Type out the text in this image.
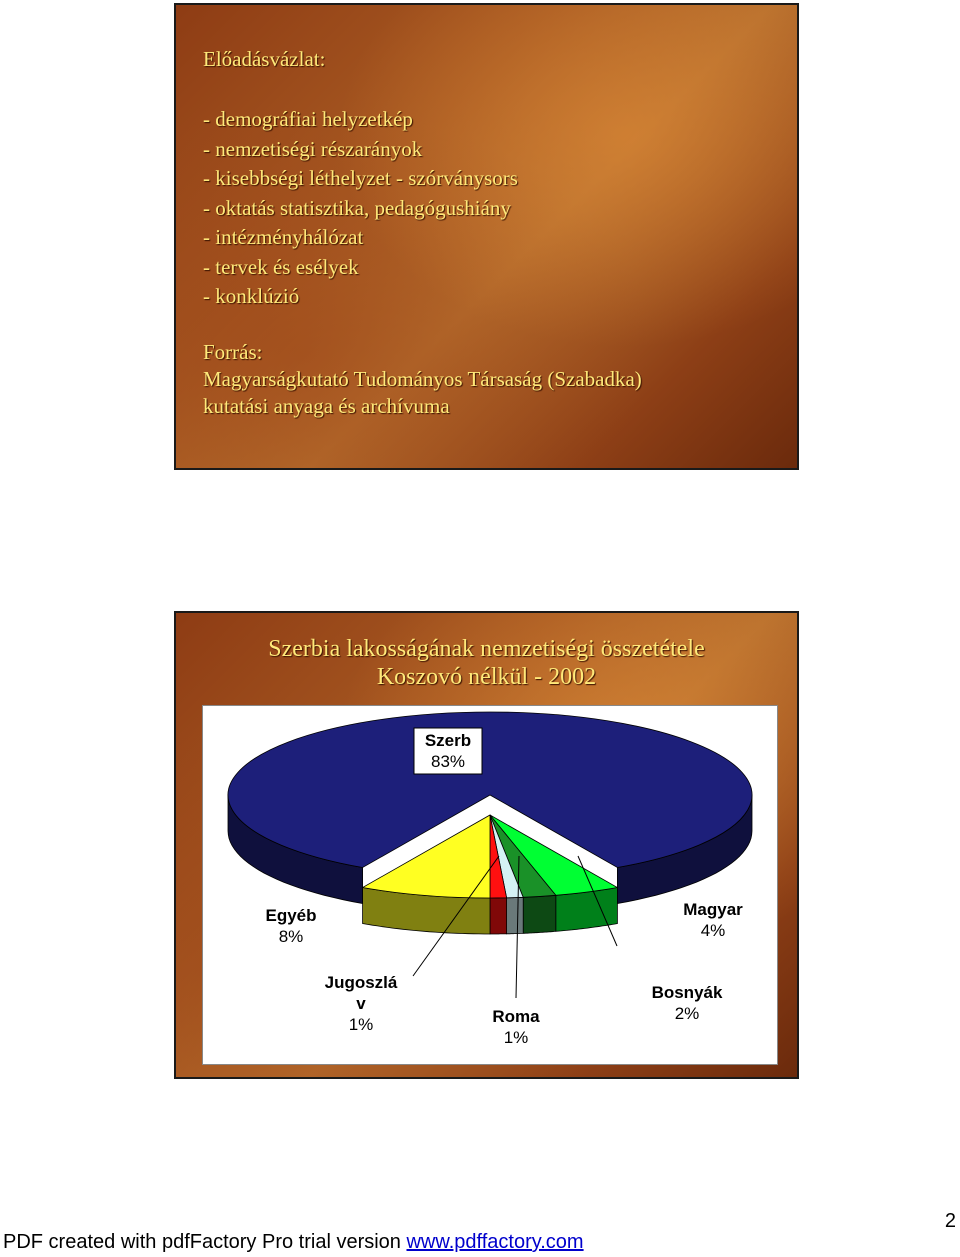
Előadásvázlat:
- demográfiai helyzetkép
- nemzetiségi részarányok
- kisebbségi léthelyzet - szórványsors
- oktatás statisztika, pedagógushiány
- intézményhálózat
- tervek és esélyek
- konklúzió
Forrás:
Magyarságkutató Tudományos Társaság (Szabadka)
kutatási anyaga és archívuma
Szerbia lakosságának nemzetiségi összetétele
Koszovó nélkül - 2002
Szerb
83%
Magyar
4%
Bosnyák
2%
Roma
1%
Jugoszlá
v
1%
Egyéb
8%
PDF created with pdfFactory Pro trial version www.pdffactory.com
2
